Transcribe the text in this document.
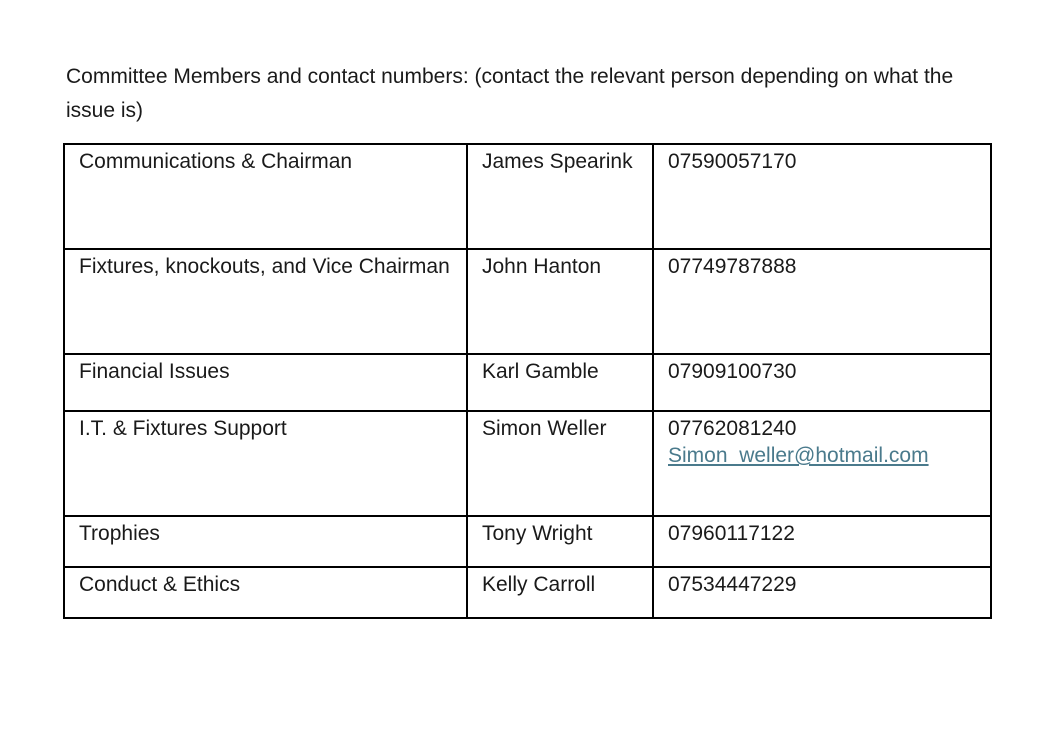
Committee Members and contact numbers: (contact the relevant person depending on what the issue is)

Communications & Chairman	James Spearink	07590057170

Fixtures, knockouts, and Vice Chairman	John Hanton	07749787888

Financial Issues	Karl Gamble	07909100730

I.T. & Fixtures Support	Simon Weller	07762081240
Simon_weller@hotmail.com

Trophies	Tony Wright	07960117122

Conduct & Ethics	Kelly Carroll	07534447229
